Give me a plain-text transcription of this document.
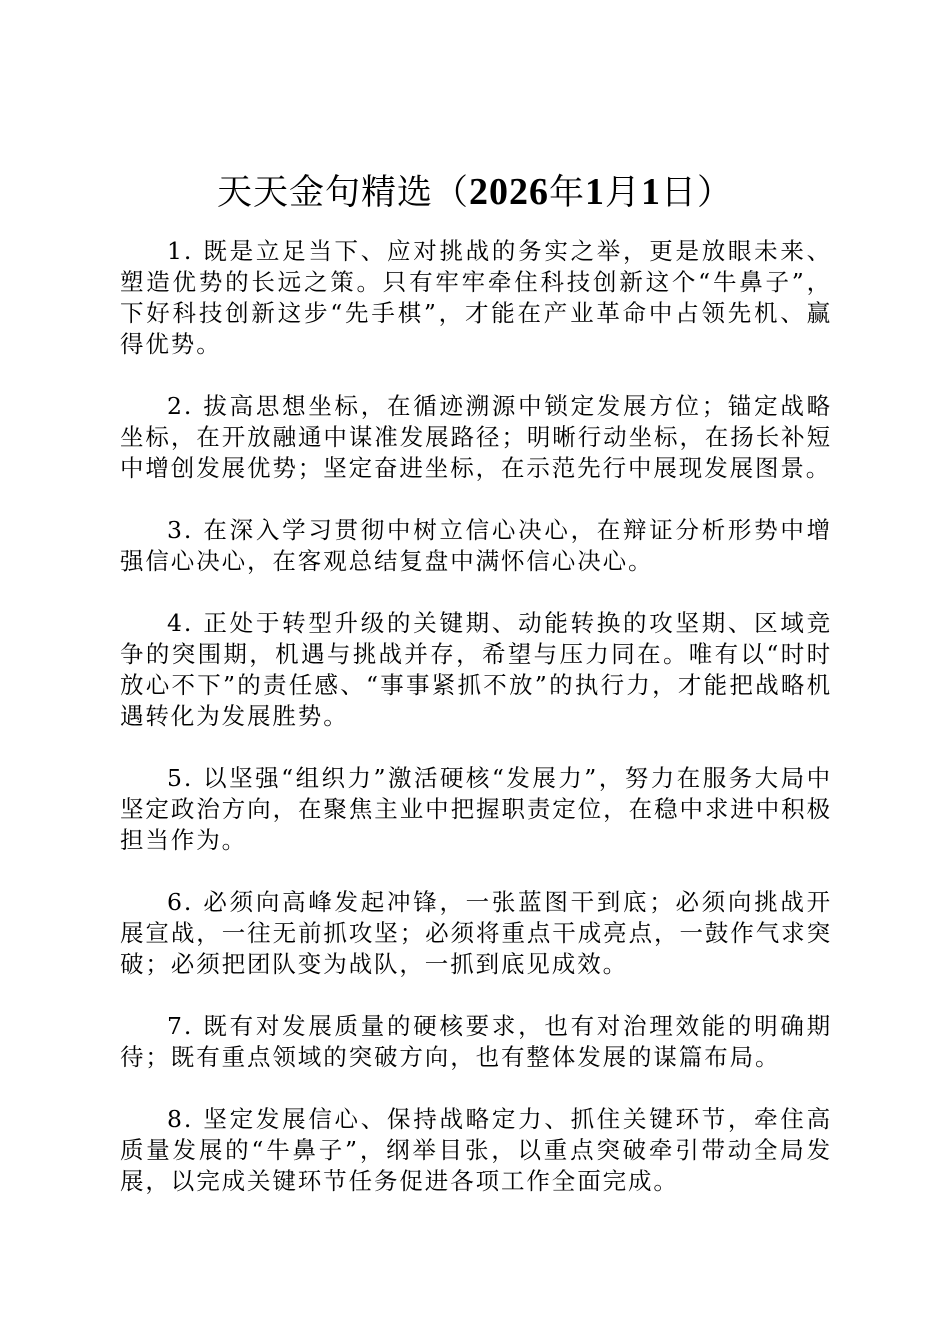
天天金句精选（2026年1月1日）

1. 既是立足当下、应对挑战的务实之举，更是放眼未来、塑造优势的长远之策。只有牢牢牵住科技创新这个“牛鼻子”，下好科技创新这步“先手棋”，才能在产业革命中占领先机、赢得优势。

2. 拔高思想坐标，在循迹溯源中锁定发展方位；锚定战略坐标，在开放融通中谋准发展路径；明晰行动坐标，在扬长补短中增创发展优势；坚定奋进坐标，在示范先行中展现发展图景。

3. 在深入学习贯彻中树立信心决心，在辩证分析形势中增强信心决心，在客观总结复盘中满怀信心决心。

4. 正处于转型升级的关键期、动能转换的攻坚期、区域竞争的突围期，机遇与挑战并存，希望与压力同在。唯有以“时时放心不下”的责任感、“事事紧抓不放”的执行力，才能把战略机遇转化为发展胜势。

5. 以坚强“组织力”激活硬核“发展力”，努力在服务大局中坚定政治方向，在聚焦主业中把握职责定位，在稳中求进中积极担当作为。

6. 必须向高峰发起冲锋，一张蓝图干到底；必须向挑战开展宣战，一往无前抓攻坚；必须将重点干成亮点，一鼓作气求突破；必须把团队变为战队，一抓到底见成效。

7. 既有对发展质量的硬核要求，也有对治理效能的明确期待；既有重点领域的突破方向，也有整体发展的谋篇布局。

8. 坚定发展信心、保持战略定力、抓住关键环节，牵住高质量发展的“牛鼻子”，纲举目张，以重点突破牵引带动全局发展，以完成关键环节任务促进各项工作全面完成。
